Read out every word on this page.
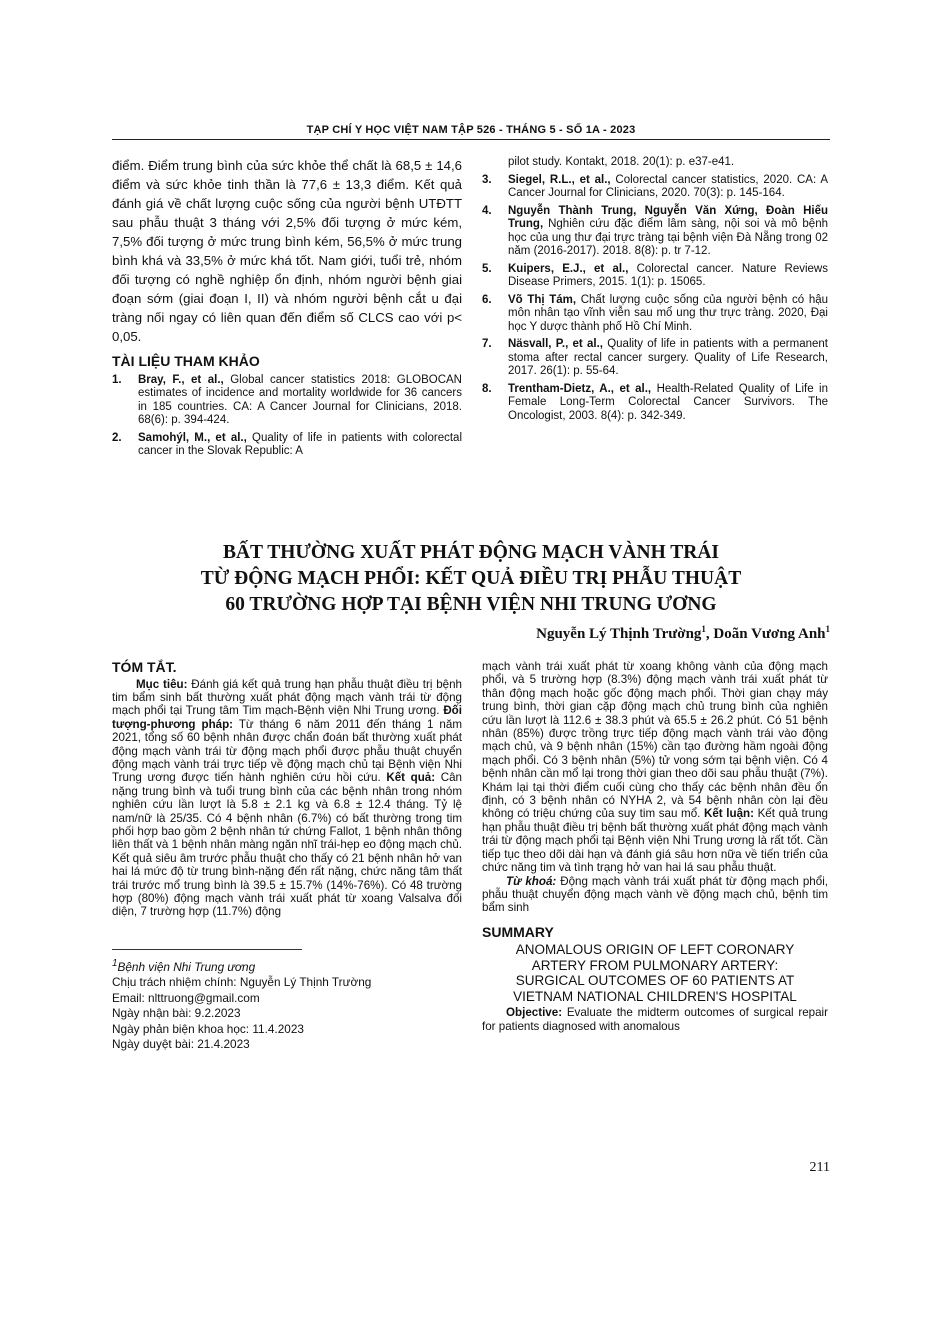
TẠP CHÍ Y HỌC VIỆT NAM TẬP 526 - THÁNG 5 - SỐ 1A - 2023

điểm. Điểm trung bình của sức khỏe thể chất là 68,5 ± 14,6 điểm và sức khỏe tinh thần là 77,6 ± 13,3 điểm. Kết quả đánh giá về chất lượng cuộc sống của người bệnh UTĐTT sau phẫu thuật 3 tháng với 2,5% đối tượng ở mức kém, 7,5% đối tượng ở mức trung bình kém, 56,5% ở mức trung bình khá và 33,5% ở mức khá tốt. Nam giới, tuổi trẻ, nhóm đối tượng có nghề nghiệp ổn định, nhóm người bệnh giai đoạn sớm (giai đoạn I, II) và nhóm người bệnh cắt u đại tràng nối ngay có liên quan đến điểm số CLCS cao với p< 0,05.

TÀI LIỆU THAM KHẢO
1.	Bray, F., et al., Global cancer statistics 2018: GLOBOCAN estimates of incidence and mortality worldwide for 36 cancers in 185 countries. CA: A Cancer Journal for Clinicians, 2018. 68(6): p. 394-424.
2.	Samohýl, M., et al., Quality of life in patients with colorectal cancer in the Slovak Republic: A
pilot study. Kontakt, 2018. 20(1): p. e37-e41.
3.	Siegel, R.L., et al., Colorectal cancer statistics, 2020. CA: A Cancer Journal for Clinicians, 2020. 70(3): p. 145-164.
4.	Nguyễn Thành Trung, Nguyễn Văn Xứng, Đoàn Hiếu Trung, Nghiên cứu đặc điểm lâm sàng, nội soi và mô bệnh học của ung thư đại trực tràng tại bệnh viện Đà Nẵng trong 02 năm (2016-2017). 2018. 8(8): p. tr 7-12.
5.	Kuipers, E.J., et al., Colorectal cancer. Nature Reviews Disease Primers, 2015. 1(1): p. 15065.
6.	Võ Thị Tám, Chất lượng cuộc sống của người bệnh có hậu môn nhân tạo vĩnh viễn sau mổ ung thư trực tràng. 2020, Đại học Y dược thành phố Hồ Chí Minh.
7.	Näsvall, P., et al., Quality of life in patients with a permanent stoma after rectal cancer surgery. Quality of Life Research, 2017. 26(1): p. 55-64.
8.	Trentham-Dietz, A., et al., Health-Related Quality of Life in Female Long-Term Colorectal Cancer Survivors. The Oncologist, 2003. 8(4): p. 342-349.
BẤT THƯỜNG XUẤT PHÁT ĐỘNG MẠCH VÀNH TRÁI
TỪ ĐỘNG MẠCH PHỔI: KẾT QUẢ ĐIỀU TRỊ PHẪU THUẬT
60 TRƯỜNG HỢP TẠI BỆNH VIỆN NHI TRUNG ƯƠNG
Nguyễn Lý Thịnh Trường$^1$, Doãn Vương Anh$^1$
TÓM TẮT.

Mục tiêu: Đánh giá kết quả trung hạn phẫu thuật điều trị bệnh tim bẩm sinh bất thường xuất phát động mạch vành trái từ động mạch phổi tại Trung tâm Tim mạch-Bệnh viện Nhi Trung ương. Đối tượng-phương pháp: Từ tháng 6 năm 2011 đến tháng 1 năm 2021, tổng số 60 bệnh nhân được chẩn đoán bất thường xuất phát động mạch vành trái từ động mạch phổi được phẫu thuật chuyển động mạch vành trái trực tiếp về động mạch chủ tại Bệnh viện Nhi Trung ương được tiến hành nghiên cứu hồi cứu. Kết quả: Cân nặng trung bình và tuổi trung bình của các bệnh nhân trong nhóm nghiên cứu lần lượt là 5.8 ± 2.1 kg và 6.8 ± 12.4 tháng. Tỷ lệ nam/nữ là 25/35. Có 4 bệnh nhân (6.7%) có bất thường trong tim phối hợp bao gồm 2 bệnh nhân tứ chứng Fallot, 1 bệnh nhân thông liên thất và 1 bệnh nhân màng ngăn nhĩ trái-hẹp eo động mạch chủ. Kết quả siêu âm trước phẫu thuật cho thấy có 21 bệnh nhân hở van hai lá mức độ từ trung bình-nặng đến rất nặng, chức năng tâm thất trái trước mổ trung bình là 39.5 ± 15.7% (14%-76%). Có 48 trường hợp (80%) động mạch vành trái xuất phát từ xoang Valsalva đối diện, 7 trường hợp (11.7%) động

$^1$Bệnh viện Nhi Trung ương

Chịu trách nhiệm chính: Nguyễn Lý Thịnh Trường

Email: nlttruong@gmail.com

Ngày nhận bài: 9.2.2023

Ngày phản biện khoa học: 11.4.2023

Ngày duyệt bài: 21.4.2023

mạch vành trái xuất phát từ xoang không vành của động mạch phổi, và 5 trường hợp (8.3%) động mạch vành trái xuất phát từ thân động mạch hoặc gốc động mạch phổi. Thời gian chạy máy trung bình, thời gian cặp động mạch chủ trung bình của nghiên cứu lần lượt là 112.6 ± 38.3 phút và 65.5 ± 26.2 phút. Có 51 bệnh nhân (85%) được trồng trực tiếp động mạch vành trái vào động mạch chủ, và 9 bệnh nhân (15%) cần tạo đường hầm ngoài động mạch phổi. Có 3 bệnh nhân (5%) tử vong sớm tại bệnh viện. Có 4 bệnh nhân cần mổ lại trong thời gian theo dõi sau phẫu thuật (7%). Khám lại tại thời điểm cuối cùng cho thấy các bệnh nhân đều ổn định, có 3 bệnh nhân có NYHA 2, và 54 bệnh nhân còn lại đều không có triệu chứng của suy tim sau mổ. Kết luận: Kết quả trung hạn phẫu thuật điều trị bệnh bất thường xuất phát động mạch vành trái từ động mạch phổi tại Bệnh viện Nhi Trung ương là rất tốt. Cần tiếp tục theo dõi dài hạn và đánh giá sâu hơn nữa về tiến triển của chức năng tim và tình trạng hở van hai lá sau phẫu thuật.

Từ khoá: Động mạch vành trái xuất phát từ động mạch phổi, phẫu thuật chuyển động mạch vành về động mạch chủ, bệnh tim bẩm sinh

SUMMARY
ANOMALOUS ORIGIN OF LEFT CORONARY
ARTERY FROM PULMONARY ARTERY:
SURGICAL OUTCOMES OF 60 PATIENTS AT
VIETNAM NATIONAL CHILDREN'S HOSPITAL

Objective: Evaluate the midterm outcomes of surgical repair for patients diagnosed with anomalous

211
